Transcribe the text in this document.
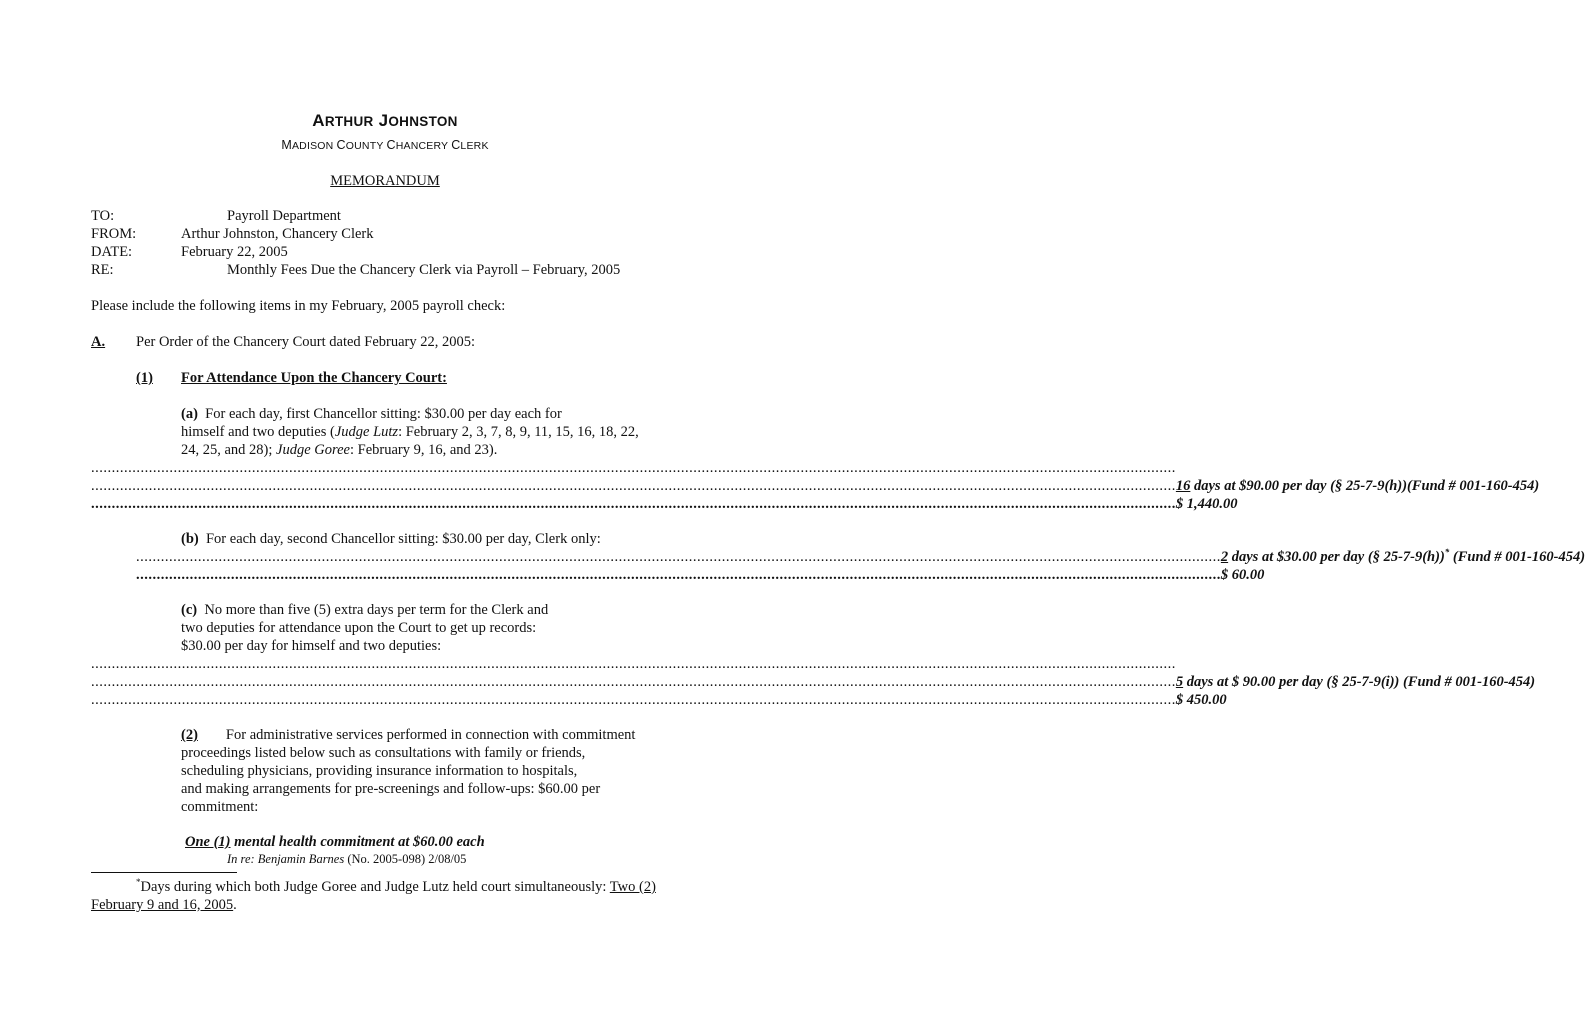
ARTHUR JOHNSTON
MADISON COUNTY CHANCERY CLERK
MEMORANDUM
TO:	Payroll Department
FROM:	Arthur Johnston, Chancery Clerk
DATE:	February 22, 2005
RE:	Monthly Fees Due the Chancery Clerk via Payroll – February, 2005
Please include the following items in my February, 2005 payroll check:
A. Per Order of the Chancery Court dated February 22, 2005:
(1) For Attendance Upon the Chancery Court:
(a) For each day, first Chancellor sitting: $30.00 per day each for
himself and two deputies (Judge Lutz: February 2, 3, 7, 8, 9, 11, 15, 16, 18, 22,
24, 25, and 28); Judge Goree: February 9, 16, and 23).
.......................................................................................................................................................................................................................................................................
....................................................................................................................................................................................................................................................................... 16 days at $90.00 per day (§ 25-7-9(h))(Fund # 001-160-454)
....................................................................................................................................................................................................................................................................... $ 1,440.00
(b) For each day, second Chancellor sitting: $30.00 per day, Clerk only:
....................................................................................................................................................................................................................................................................... 2 days at $30.00 per day (§ 25-7-9(h))* (Fund # 001-160-454)
....................................................................................................................................................................................................................................................................... $ 60.00
(c) No more than five (5) extra days per term for the Clerk and
two deputies for attendance upon the Court to get up records:
$30.00 per day for himself and two deputies:
.......................................................................................................................................................................................................................................................................
....................................................................................................................................................................................................................................................................... 5 days at $ 90.00 per day (§ 25-7-9(i)) (Fund # 001-160-454)
....................................................................................................................................................................................................................................................................... $ 450.00
(2) For administrative services performed in connection with commitment
proceedings listed below such as consultations with family or friends,
scheduling physicians, providing insurance information to hospitals,
and making arrangements for pre-screenings and follow-ups: $60.00 per
commitment:
One (1) mental health commitment at $60.00 each
In re: Benjamin Barnes (No. 2005-098) 2/08/05
*Days during which both Judge Goree and Judge Lutz held court simultaneously: Two (2) February 9 and 16, 2005.
